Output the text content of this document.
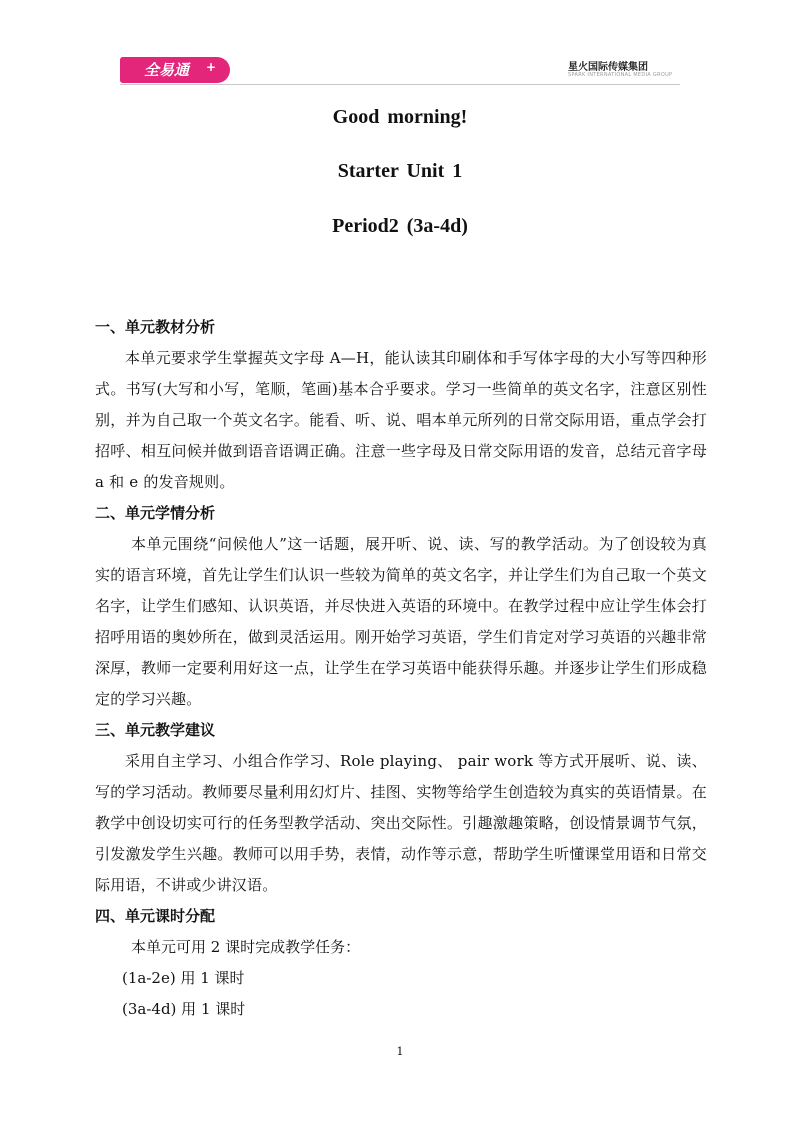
全易通 +	星火国际传媒集团
SPARK INTERNATIONAL MEDIA GROUP
Good morning!
Starter Unit 1
Period2 (3a-4d)

一、单元教材分析

本单元要求学生掌握英文字母 A—H，能认读其印刷体和手写体字母的大小写等四种形式。书写(大写和小写，笔顺，笔画)基本合乎要求。学习一些简单的英文名字，注意区别性别，并为自己取一个英文名字。能看、听、说、唱本单元所列的日常交际用语，重点学会打招呼、相互问候并做到语音语调正确。注意一些字母及日常交际用语的发音，总结元音字母 a 和 e 的发音规则。

二、单元学情分析

本单元围绕“问候他人”这一话题，展开听、说、读、写的教学活动。为了创设较为真实的语言环境，首先让学生们认识一些较为简单的英文名字，并让学生们为自己取一个英文名字，让学生们感知、认识英语，并尽快进入英语的环境中。在教学过程中应让学生体会打招呼用语的奥妙所在，做到灵活运用。刚开始学习英语，学生们肯定对学习英语的兴趣非常深厚，教师一定要利用好这一点，让学生在学习英语中能获得乐趣。并逐步让学生们形成稳定的学习兴趣。

三、单元教学建议

采用自主学习、小组合作学习、Role playing、 pair work 等方式开展听、说、读、写的学习活动。教师要尽量利用幻灯片、挂图、实物等给学生创造较为真实的英语情景。在教学中创设切实可行的任务型教学活动、突出交际性。引趣激趣策略，创设情景调节气氛，引发激发学生兴趣。教师可以用手势，表情，动作等示意，帮助学生听懂课堂用语和日常交际用语，不讲或少讲汉语。

四、单元课时分配

本单元可用 2 课时完成教学任务：

(1a-2e) 用 1 课时

(3a-4d) 用 1 课时

1
